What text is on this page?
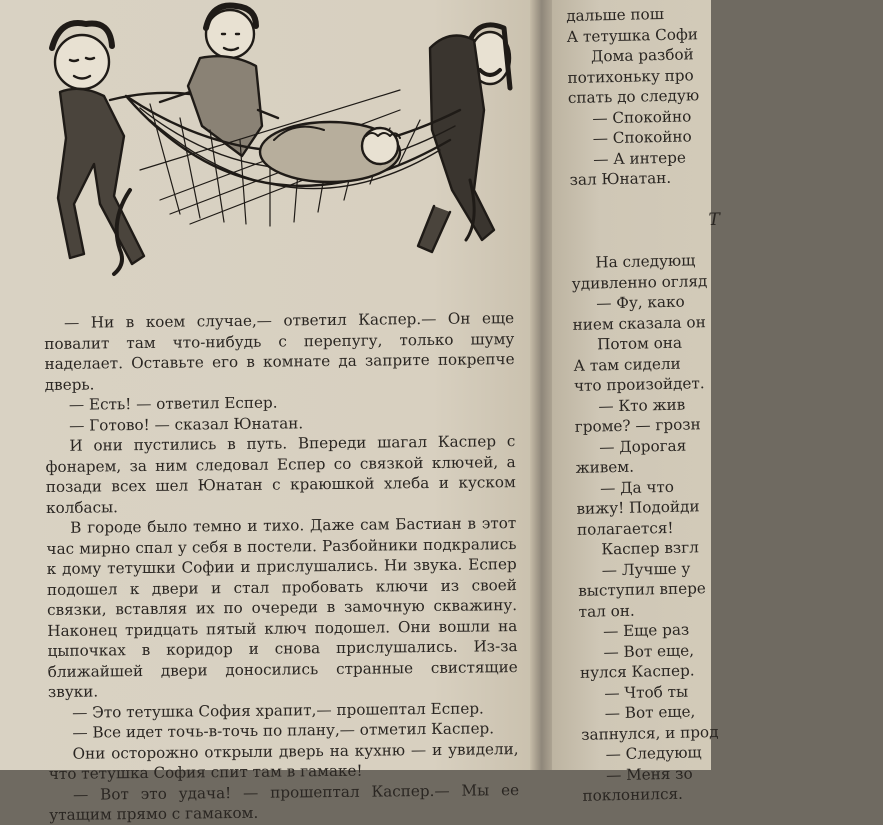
— Ни в коем случае,— ответил Каспер.— Он еще повалит там что-нибудь с перепугу, только шуму наделает. Оставьте его в комнате да заприте покрепче дверь.

— Есть! — ответил Еспер.

— Готово! — сказал Юнатан.

И они пустились в путь. Впереди шагал Каспер с фонарем, за ним следовал Еспер со связкой ключей, а позади всех шел Юнатан с краюшкой хлеба и куском колбасы.

В городе было темно и тихо. Даже сам Бастиан в этот час мирно спал у себя в постели. Разбойники подкрались к дому тетушки Софии и прислушались. Ни звука. Еспер подошел к двери и стал пробовать ключи из своей связки, вставляя их по очереди в замочную скважину. Наконец тридцать пятый ключ подошел. Они вошли на цыпочках в коридор и снова прислушались. Из-за ближайшей двери доносились странные свистящие звуки.

— Это тетушка София храпит,— прошептал Еспер.

— Все идет точь-в-точь по плану,— отметил Каспер.

Они осторожно открыли дверь на кухню — и увидели, что тетушка София спит там в гамаке!

— Вот это удача! — прошептал Каспер.— Мы ее утащим прямо с гамаком.

дальше пош
А тетушка Софи
Дома разбой
потихоньку про
спать до следую
— Спокойно
— Спокойно
— А интере
зал Юнатан.
Т
На следующ
удивленно огляд
— Фу, како
нием сказала он
Потом она
А там сидели
что произойдет.
— Кто жив
громе? — грозн
— Дорогая
живем.
— Да что
вижу! Подойди
полагается!
Каспер взгл
— Лучше у
выступил впере
тал он.
— Еще раз
— Вот еще,
нулся Каспер.
— Чтоб ты
— Вот еще,
запнулся, и прод
— Следующ
— Меня зо
поклонился.
